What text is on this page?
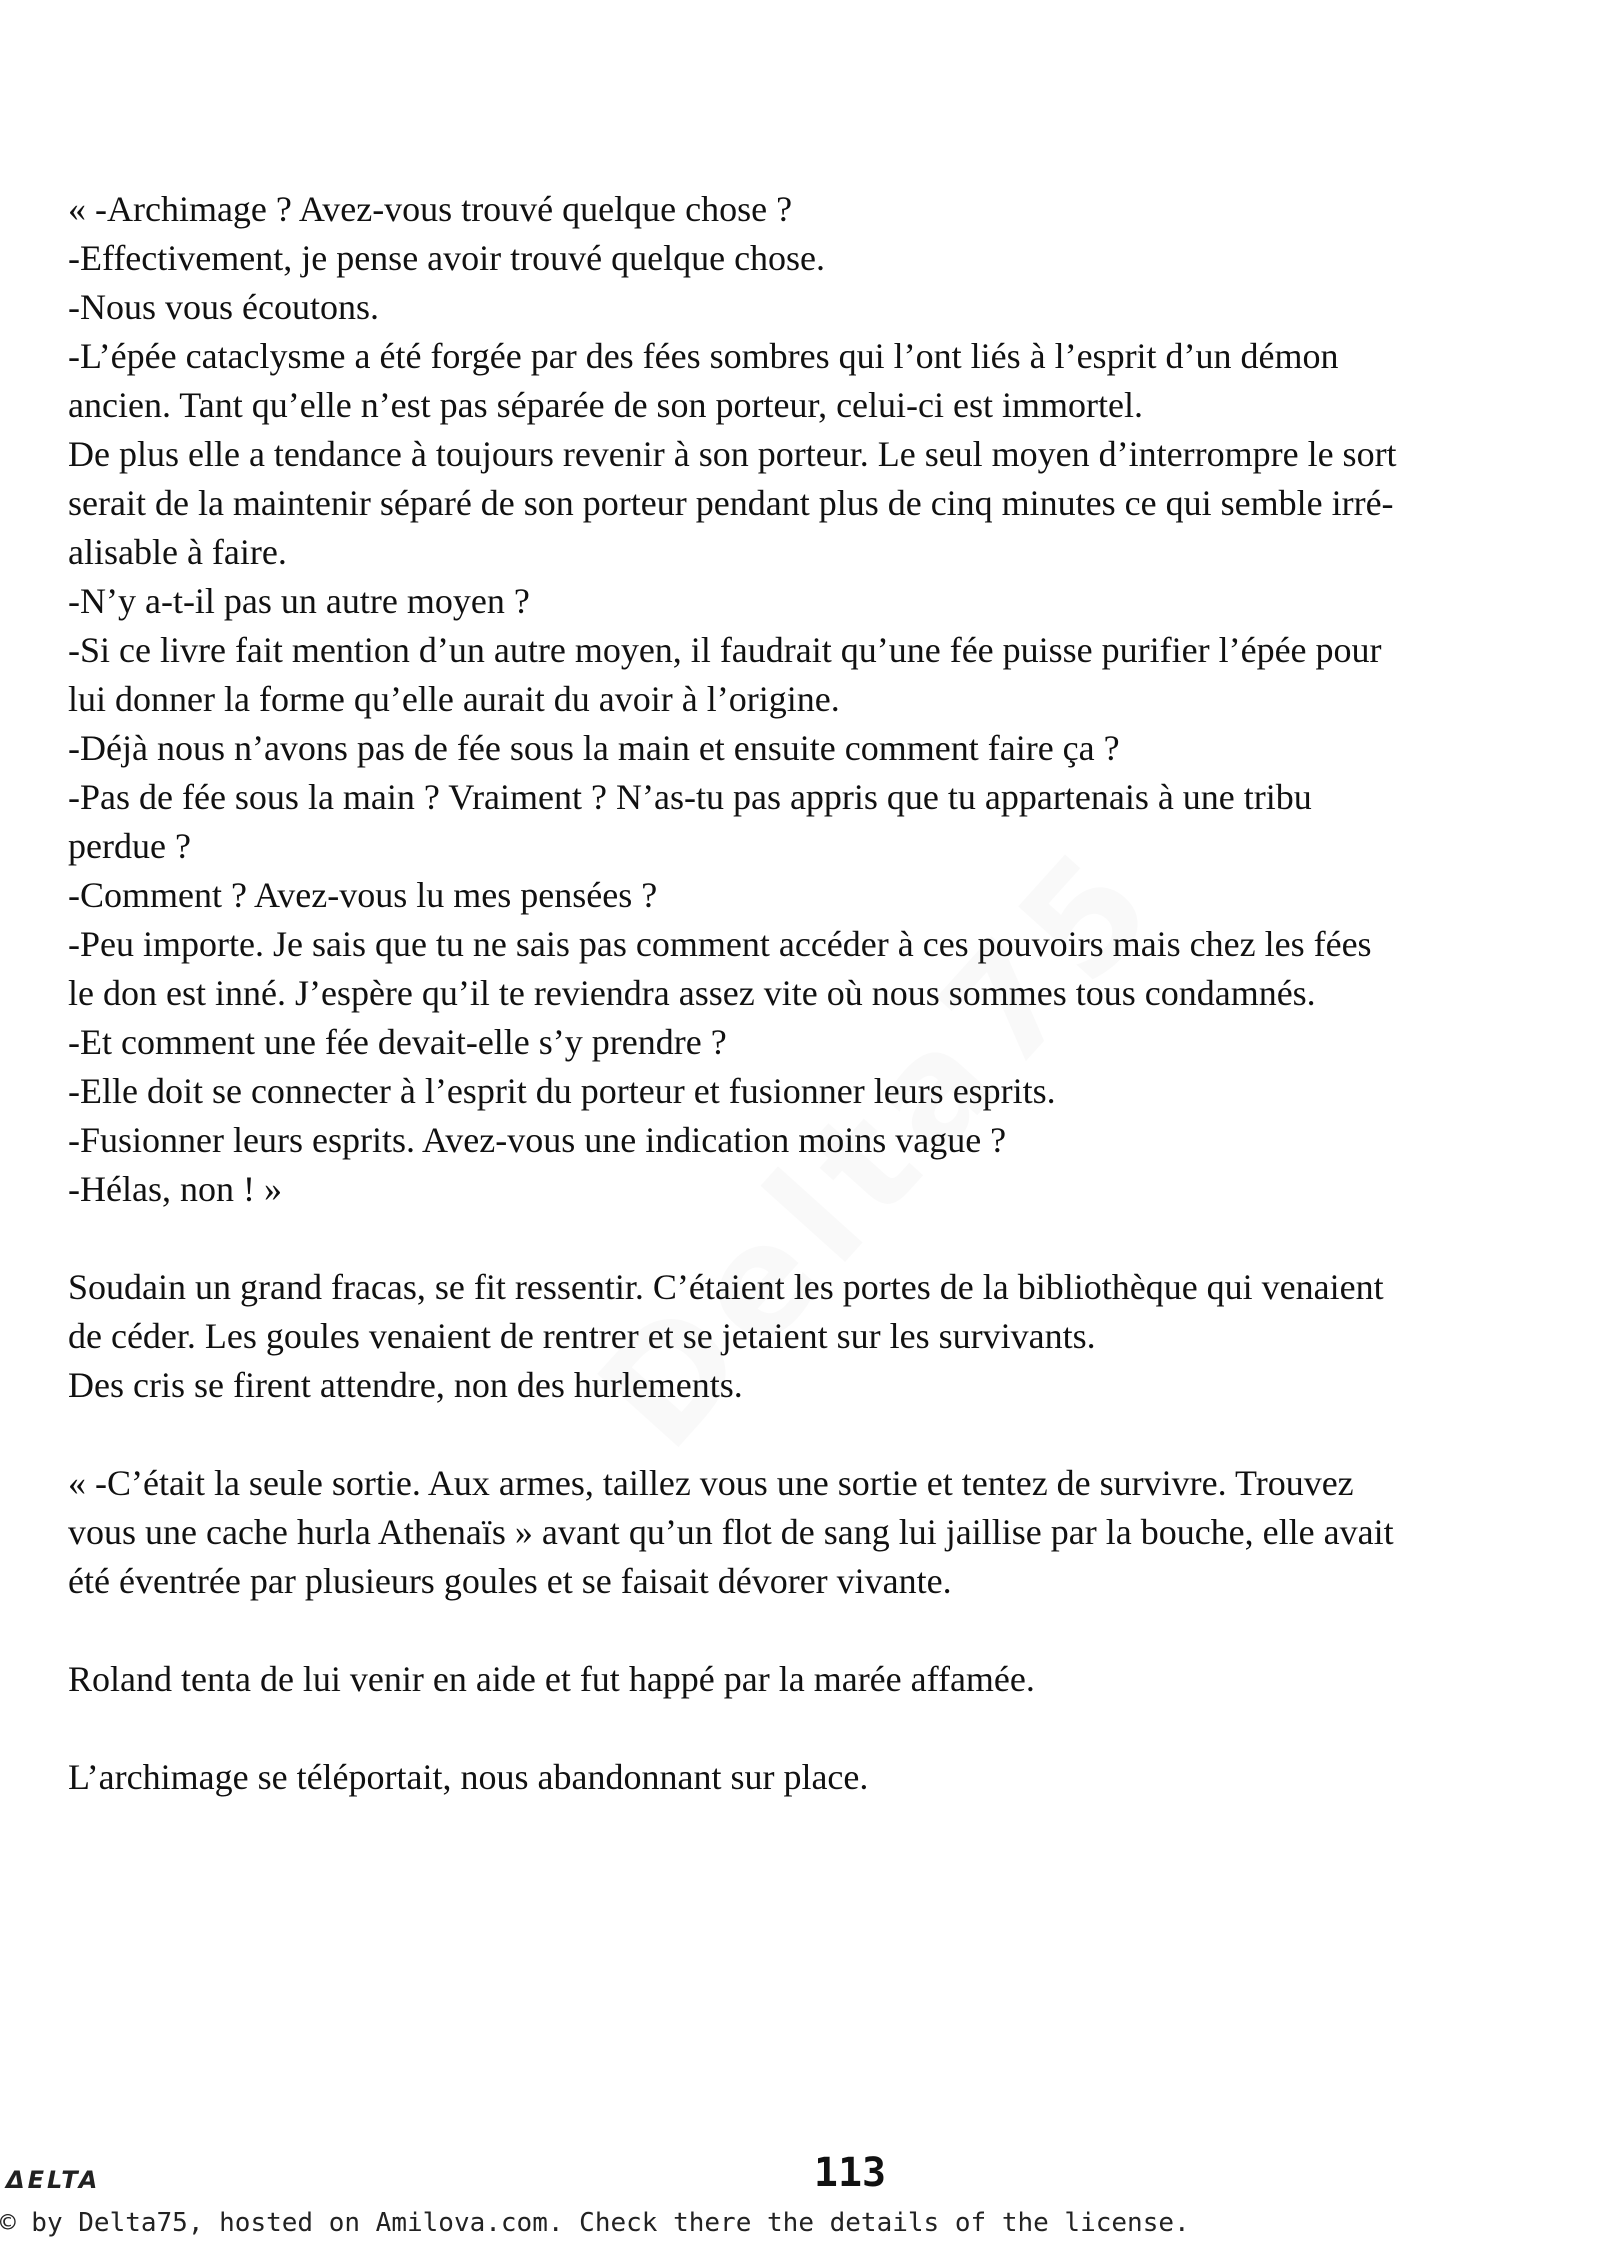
« -Archimage ? Avez-vous trouvé quelque chose ?
-Effectivement, je pense avoir trouvé quelque chose.
-Nous vous écoutons.
-L’épée cataclysme a été forgée par des fées sombres qui l’ont liés à l’esprit d’un démon
ancien. Tant qu’elle n’est pas séparée de son porteur, celui-ci est immortel.
De plus elle a tendance à toujours revenir à son porteur. Le seul moyen d’interrompre le sort
serait de la maintenir séparé de son porteur pendant plus de cinq minutes ce qui semble irré-
alisable à faire.
-N’y a-t-il pas un autre moyen ?
-Si ce livre fait mention d’un autre moyen, il faudrait qu’une fée puisse purifier l’épée pour
lui donner la forme qu’elle aurait du avoir à l’origine.
-Déjà nous n’avons pas de fée sous la main et ensuite comment faire ça ?
-Pas de fée sous la main ? Vraiment ? N’as-tu pas appris que tu appartenais à une tribu
perdue ?
-Comment ? Avez-vous lu mes pensées ?
-Peu importe. Je sais que tu ne sais pas comment accéder à ces pouvoirs mais chez les fées
le don est inné. J’espère qu’il te reviendra assez vite où nous sommes tous condamnés.
-Et comment une fée devait-elle s’y prendre ?
-Elle doit se connecter à l’esprit du porteur et fusionner leurs esprits.
-Fusionner leurs esprits. Avez-vous une indication moins vague ?
-Hélas, non ! »
Soudain un grand fracas, se fit ressentir. C’étaient les portes de la bibliothèque qui venaient
de céder. Les goules venaient de rentrer et se jetaient sur les survivants.
Des cris se firent attendre, non des hurlements.
« -C’était la seule sortie. Aux armes, taillez vous une sortie et tentez de survivre. Trouvez
vous une cache hurla Athenaïs » avant qu’un flot de sang lui jaillise par la bouche, elle avait
été éventrée par plusieurs goules et se faisait dévorer vivante.
Roland tenta de lui venir en aide et fut happé par la marée affamée.
L’archimage se téléportait, nous abandonnant sur place.
ΔELTA	113
© by Delta75, hosted on Amilova.com. Check there the details of the license.
